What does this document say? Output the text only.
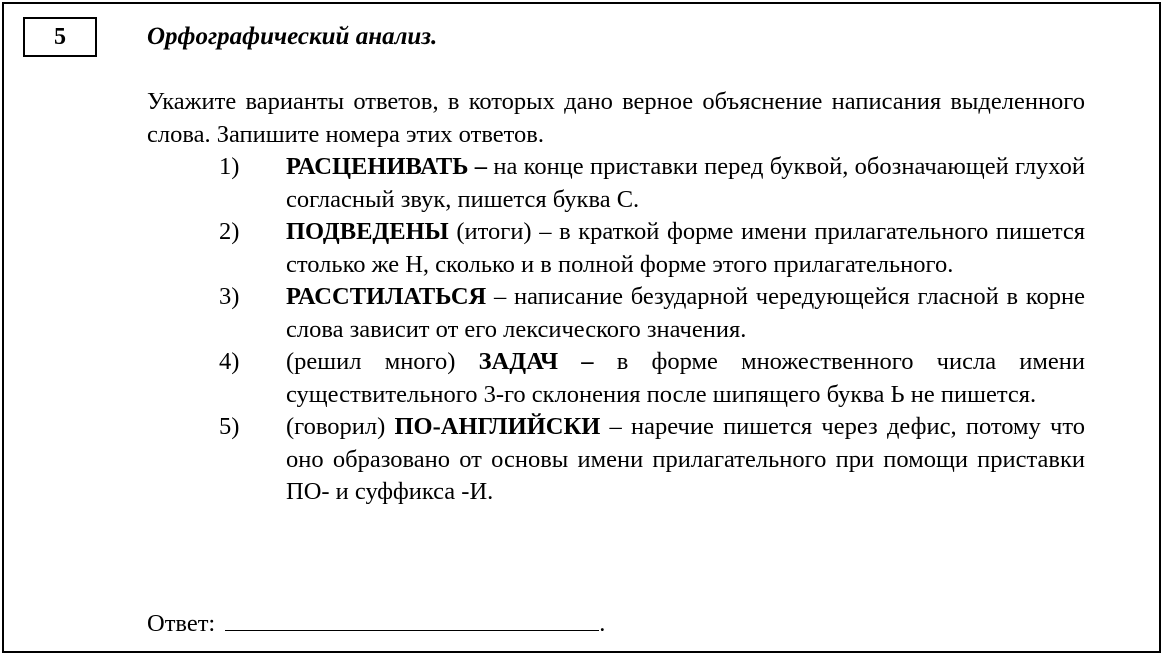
5	Орфографический анализ.

Укажите варианты ответов, в которых дано верное объяснение написания выделенного слова. Запишите номера этих ответов.

1) РАСЦЕНИВАТЬ – на конце приставки перед буквой, обозначающей глухой согласный звук, пишется буква С.
2) ПОДВЕДЕНЫ (итоги) – в краткой форме имени прилагательного пишется столько же Н, сколько и в полной форме этого прилагательного.
3) РАССТИЛАТЬСЯ – написание безударной чередующейся гласной в корне слова зависит от его лексического значения.
4) (решил много) ЗАДАЧ – в форме множественного числа имени существительного 3-го склонения после шипящего буква Ь не пишется.
5) (говорил) ПО-АНГЛИЙСКИ – наречие пишется через дефис, потому что оно образовано от основы имени прилагательного при помощи приставки ПО- и суффикса -И.

Ответ:	.
